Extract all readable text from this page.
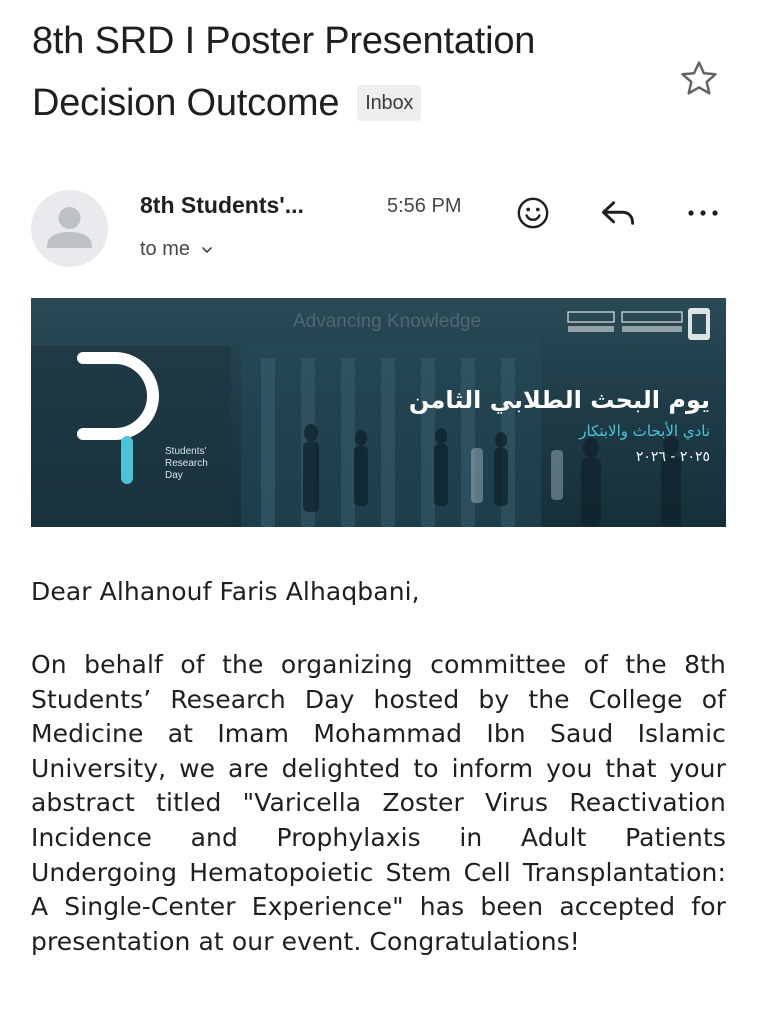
8th SRD I Poster Presentation
Decision Outcome	Inbox
8th Students'...	5:56 PM
to me
Advancing Knowledge
Students'
Research
Day
يوم البحث الطلابي الثامن
نادي الأبحاث والابتكار
٢٠٢٥ - ٢٠٢٦
Dear Alhanouf Faris Alhaqbani,
On behalf of the organizing committee of the 8th Students’ Research Day hosted by the College of Medicine at Imam Mohammad Ibn Saud Islamic University, we are delighted to inform you that your abstract titled "Varicella Zoster Virus Reactivation Incidence and Prophylaxis in Adult Patients Undergoing Hematopoietic Stem Cell Transplantation: A Single-Center Experience" has been accepted for presentation at our event. Congratulations!
